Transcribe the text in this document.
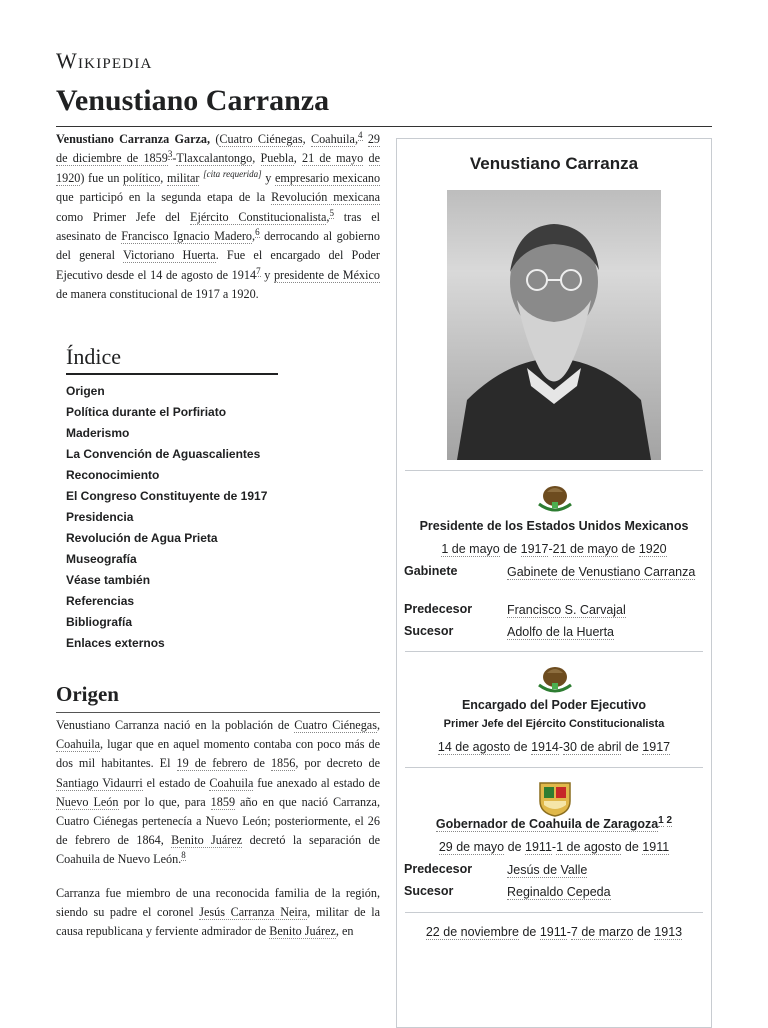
Wikipedia
Venustiano Carranza
Venustiano Carranza Garza, (Cuatro Ciénegas, Coahuila,$^4$ 29 de diciembre de 1859$^3$-Tlaxcalantongo, Puebla, 21 de mayo de 1920) fue un político, militar [cita requerida] y empresario mexicano que participó en la segunda etapa de la Revolución mexicana como Primer Jefe del Ejército Constitucionalista,$^5$ tras el asesinato de Francisco Ignacio Madero,$^6$ derrocando al gobierno del general Victoriano Huerta. Fue el encargado del Poder Ejecutivo desde el 14 de agosto de 1914$^7$ y presidente de México de manera constitucional de 1917 a 1920.
Índice
Origen
Política durante el Porfiriato
Maderismo
La Convención de Aguascalientes
Reconocimiento
El Congreso Constituyente de 1917
Presidencia
Revolución de Agua Prieta
Museografía
Véase también
Referencias
Bibliografía
Enlaces externos
Origen

Venustiano Carranza nació en la población de Cuatro Ciénegas, Coahuila, lugar que en aquel momento contaba con poco más de dos mil habitantes. El 19 de febrero de 1856, por decreto de Santiago Vidaurri el estado de Coahuila fue anexado al estado de Nuevo León por lo que, para 1859 año en que nació Carranza, Cuatro Ciénegas pertenecía a Nuevo León; posteriormente, el 26 de febrero de 1864, Benito Juárez decretó la separación de Coahuila de Nuevo León.$^8$

Carranza fue miembro de una reconocida familia de la región, siendo su padre el coronel Jesús Carranza Neira, militar de la causa republicana y ferviente admirador de Benito Juárez, en

Venustiano Carranza
Presidente de los Estados Unidos Mexicanos
1 de mayo de 1917-21 de mayo de 1920
Gabinete	Gabinete de Venustiano Carranza
Predecesor	Francisco S. Carvajal
Sucesor	Adolfo de la Huerta
Encargado del Poder Ejecutivo
Primer Jefe del Ejército Constitucionalista
14 de agosto de 1914-30 de abril de 1917
Gobernador de Coahuila de Zaragoza$^{1 2}$
29 de mayo de 1911-1 de agosto de 1911
Predecesor	Jesús de Valle
Sucesor	Reginaldo Cepeda
22 de noviembre de 1911-7 de marzo de 1913
